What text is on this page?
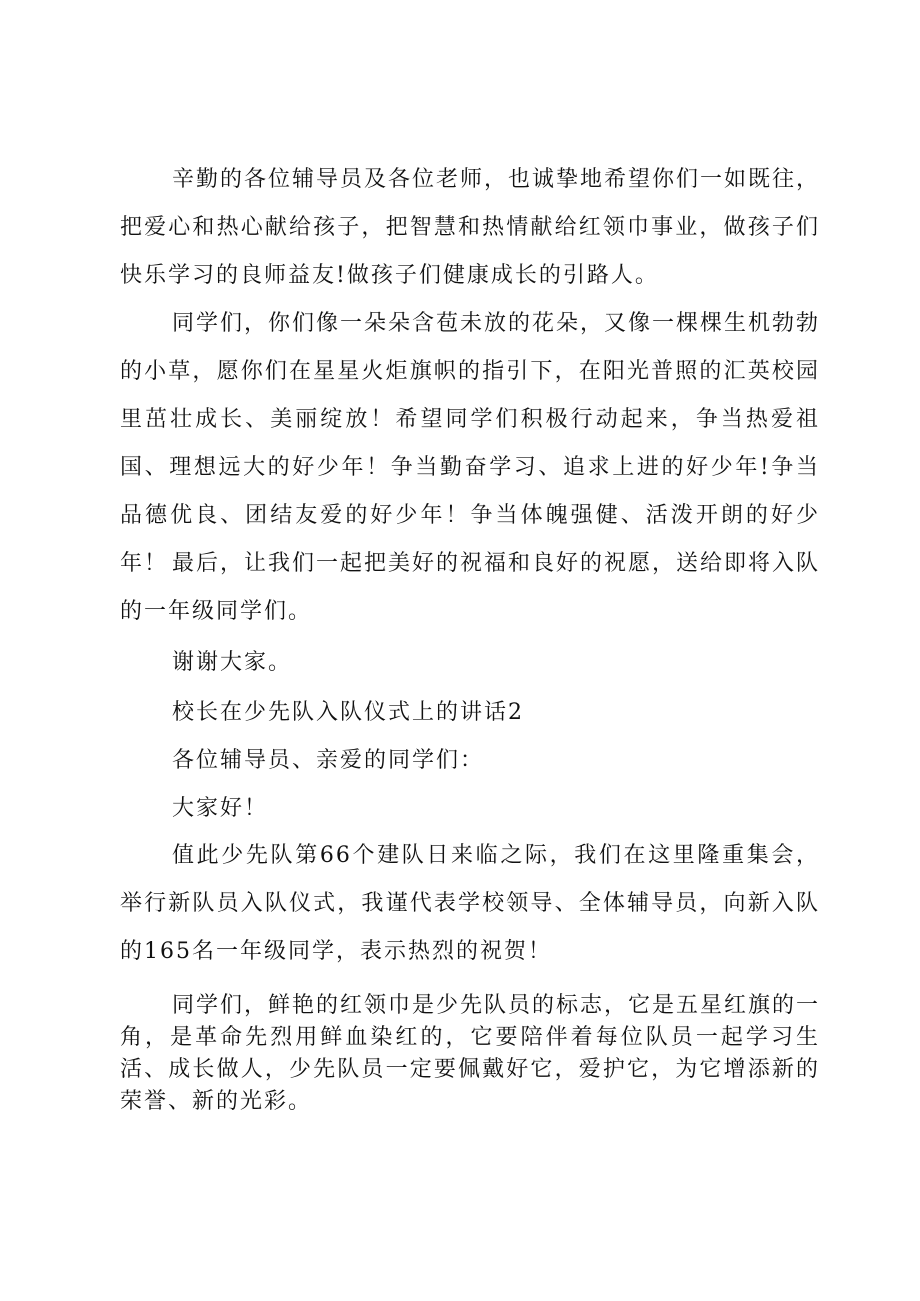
辛勤的各位辅导员及各位老师，也诚挚地希望你们一如既往，把爱心和热心献给孩子，把智慧和热情献给红领巾事业，做孩子们快乐学习的良师益友!做孩子们健康成长的引路人。

同学们，你们像一朵朵含苞未放的花朵，又像一棵棵生机勃勃的小草，愿你们在星星火炬旗帜的指引下，在阳光普照的汇英校园里茁壮成长、美丽绽放！希望同学们积极行动起来，争当热爱祖国、理想远大的好少年！争当勤奋学习、追求上进的好少年!争当品德优良、团结友爱的好少年！争当体魄强健、活泼开朗的好少年！ 最后，让我们一起把美好的祝福和良好的祝愿，送给即将入队的一年级同学们。

谢谢大家。

校长在少先队入队仪式上的讲话2

各位辅导员、亲爱的同学们：

大家好！

值此少先队第66个建队日来临之际，我们在这里隆重集会，举行新队员入队仪式，我谨代表学校领导、全体辅导员，向新入队的165名一年级同学，表示热烈的祝贺！

同学们，鲜艳的红领巾是少先队员的标志，它是五星红旗的一角，是革命先烈用鲜血染红的，它要陪伴着每位队员一起学习生活、成长做人，少先队员一定要佩戴好它，爱护它，为它增添新的荣誉、新的光彩。
